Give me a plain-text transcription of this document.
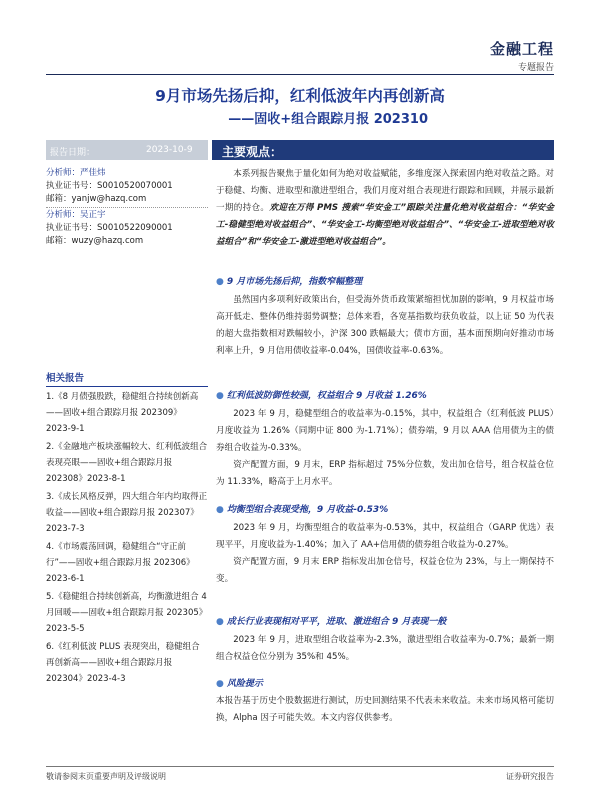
金融工程
专题报告
9月市场先扬后抑，红利低波年内再创新高
——固收+组合跟踪月报 202310
报告日期：	2023-10-9 主要观点：
分析师：严佳炜
执业证书号：S0010520070001
邮箱：yanjw@hazq.com
分析师：吴正宇
执业证书号：S0010522090001
邮箱：wuzy@hazq.com
相关报告
1.《8 月债强股跌，稳健组合持续创新高——固收+组合跟踪月报 202309》 2023-9-1
2.《金融地产板块涨幅较大、红利低波组合表现亮眼——固收+组合跟踪月报 202308》2023-8-1
3.《成长风格反弹，四大组合年内均取得正收益——固收+组合跟踪月报 202307》2023-7-3
4.《市场震荡回调，稳健组合“守正前行”——固收+组合跟踪月报 202306》2023-6-1
5.《稳健组合持续创新高，均衡激进组合 4 月回暖——固收+组合跟踪月报 202305》2023-5-5
6.《红利低波 PLUS 表现突出，稳健组合再创新高——固收+组合跟踪月报 202304》2023-4-3

本系列报告聚焦于量化如何为绝对收益赋能，多维度深入探索固内绝对收益之路。对于稳健、均衡、进取型和激进型组合，我们月度对组合表现进行跟踪和回顾，并展示最新一期的持仓。欢迎在万得 PMS 搜索“华安金工”跟踪关注量化绝对收益组合：“华安金工-稳健型绝对收益组合”、“华安金工-均衡型绝对收益组合”、“华安金工-进取型绝对收益组合”和“华安金工-激进型绝对收益组合”。

● 9 月市场先扬后抑，指数窄幅整理

虽然国内多项利好政策出台，但受海外货币政策紧缩担忧加剧的影响，9 月权益市场高开低走、整体仍维持弱势调整；总体来看，各宽基指数均获负收益，以上证 50 为代表的超大盘指数相对跌幅较小，沪深 300 跌幅最大；债市方面，基本面预期向好推动市场利率上升，9 月信用债收益率-0.04%，国债收益率-0.63%。

● 红利低波防御性较强，权益组合 9 月收益 1.26%

2023 年 9 月，稳健型组合的收益率为-0.15%，其中，权益组合（红利低波 PLUS）月度收益为 1.26%（同期中证 800 为-1.71%）；债券端，9 月以 AAA 信用债为主的债券组合收益为-0.33%。

资产配置方面，9 月末，ERP 指标超过 75%分位数，发出加仓信号，组合权益仓位为 11.33%，略高于上月水平。

● 均衡型组合表现受拖，9 月收益-0.53%

2023 年 9 月，均衡型组合的收益率为-0.53%，其中，权益组合（GARP 优选）表现平平，月度收益为-1.40%；加入了 AA+信用债的债券组合收益为-0.27%。

资产配置方面，9 月末 ERP 指标发出加仓信号，权益仓位为 23%，与上一期保持不变。

● 成长行业表现相对平平，进取、激进组合 9 月表现一般

2023 年 9 月，进取型组合收益率为-2.3%，激进型组合收益率为-0.7%；最新一期组合权益仓位分别为 35%和 45%。

● 风险提示

本报告基于历史个股数据进行测试，历史回测结果不代表未来收益。未来市场风格可能切换，Alpha 因子可能失效。本文内容仅供参考。

敬请参阅末页重要声明及评级说明	证券研究报告
